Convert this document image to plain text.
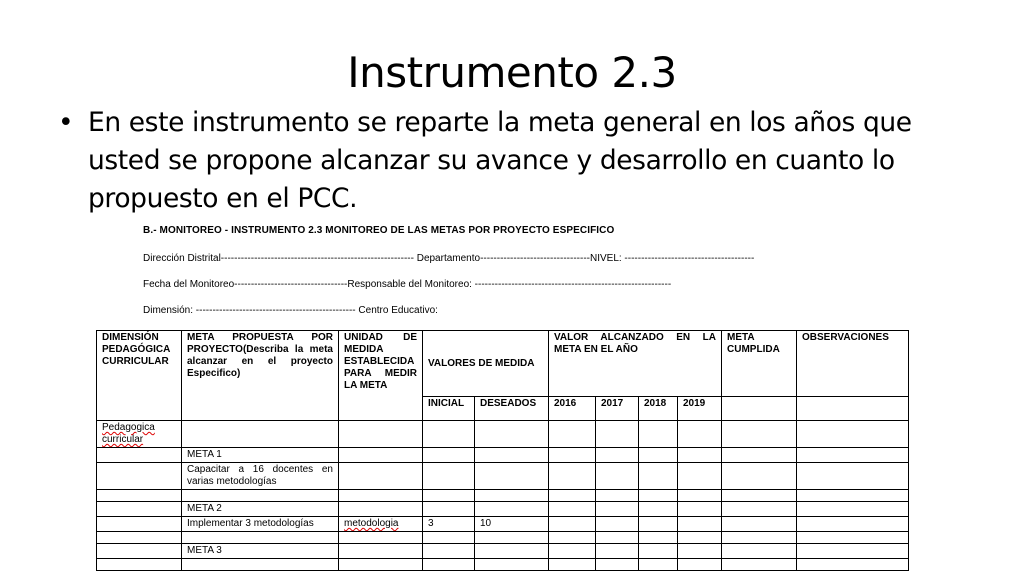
Instrumento 2.3
• En este instrumento se reparte la meta general en los años que usted se propone alcanzar su avance y desarrollo en cuanto lo propuesto en el PCC.
B.- MONITOREO - INSTRUMENTO 2.3 MONITOREO DE LAS METAS POR PROYECTO ESPECIFICO
Dirección Distrital---------------------------------------------------------- Departamento---------------------------------NIVEL: ---------------------------------------
Fecha del Monitoreo----------------------------------Responsable del Monitoreo: -----------------------------------------------------------
Dimensión: ------------------------------------------------ Centro Educativo:
DIMENSIÓN PEDAGÓGICA CURRICULAR	META PROPUESTA POR PROYECTO(Describa la meta alcanzar en el proyecto Especifico)	UNIDAD DE MEDIDA ESTABLECIDA PARA MEDIR LA META	VALORES DE MEDIDA		VALOR ALCANZADO EN LA META EN EL AÑO				META CUMPLIDA	OBSERVACIONES
			INICIAL	DESEADOS	2016	2017	2018	2019		
Pedagogica curricular										
	META 1									
	Capacitar a 16 docentes en varias metodologías									

	META 2									
	Implementar 3 metodologías	metodologia	3	10						

	META 3									
